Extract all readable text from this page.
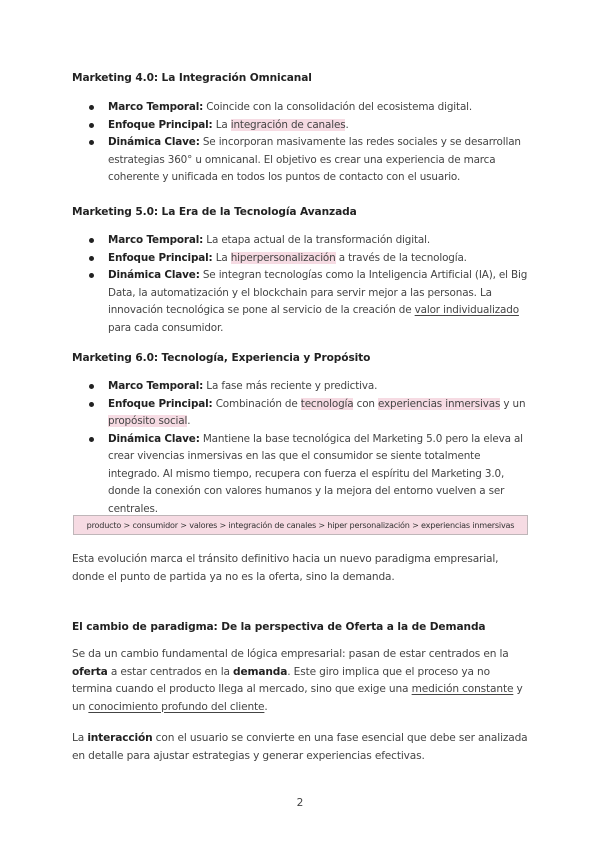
Marketing 4.0: La Integración Omnicanal
Marco Temporal: Coincide con la consolidación del ecosistema digital.
Enfoque Principal: La integración de canales.
Dinámica Clave: Se incorporan masivamente las redes sociales y se desarrollan estrategias 360° u omnicanal. El objetivo es crear una experiencia de marca coherente y unificada en todos los puntos de contacto con el usuario.
Marketing 5.0: La Era de la Tecnología Avanzada
Marco Temporal: La etapa actual de la transformación digital.
Enfoque Principal: La hiperpersonalización a través de la tecnología.
Dinámica Clave: Se integran tecnologías como la Inteligencia Artificial (IA), el Big Data, la automatización y el blockchain para servir mejor a las personas. La innovación tecnológica se pone al servicio de la creación de valor individualizado para cada consumidor.
Marketing 6.0: Tecnología, Experiencia y Propósito
Marco Temporal: La fase más reciente y predictiva.
Enfoque Principal: Combinación de tecnología con experiencias inmersivas y un propósito social.
Dinámica Clave: Mantiene la base tecnológica del Marketing 5.0 pero la eleva al crear vivencias inmersivas en las que el consumidor se siente totalmente integrado. Al mismo tiempo, recupera con fuerza el espíritu del Marketing 3.0, donde la conexión con valores humanos y la mejora del entorno vuelven a ser centrales.
producto > consumidor > valores > integración de canales > hiper personalización > experiencias inmersivas
Esta evolución marca el tránsito definitivo hacia un nuevo paradigma empresarial, donde el punto de partida ya no es la oferta, sino la demanda.
El cambio de paradigma: De la perspectiva de Oferta a la de Demanda
Se da un cambio fundamental de lógica empresarial: pasan de estar centrados en la oferta a estar centrados en la demanda. Este giro implica que el proceso ya no termina cuando el producto llega al mercado, sino que exige una medición constante y un conocimiento profundo del cliente.
La interacción con el usuario se convierte en una fase esencial que debe ser analizada en detalle para ajustar estrategias y generar experiencias efectivas.
2
